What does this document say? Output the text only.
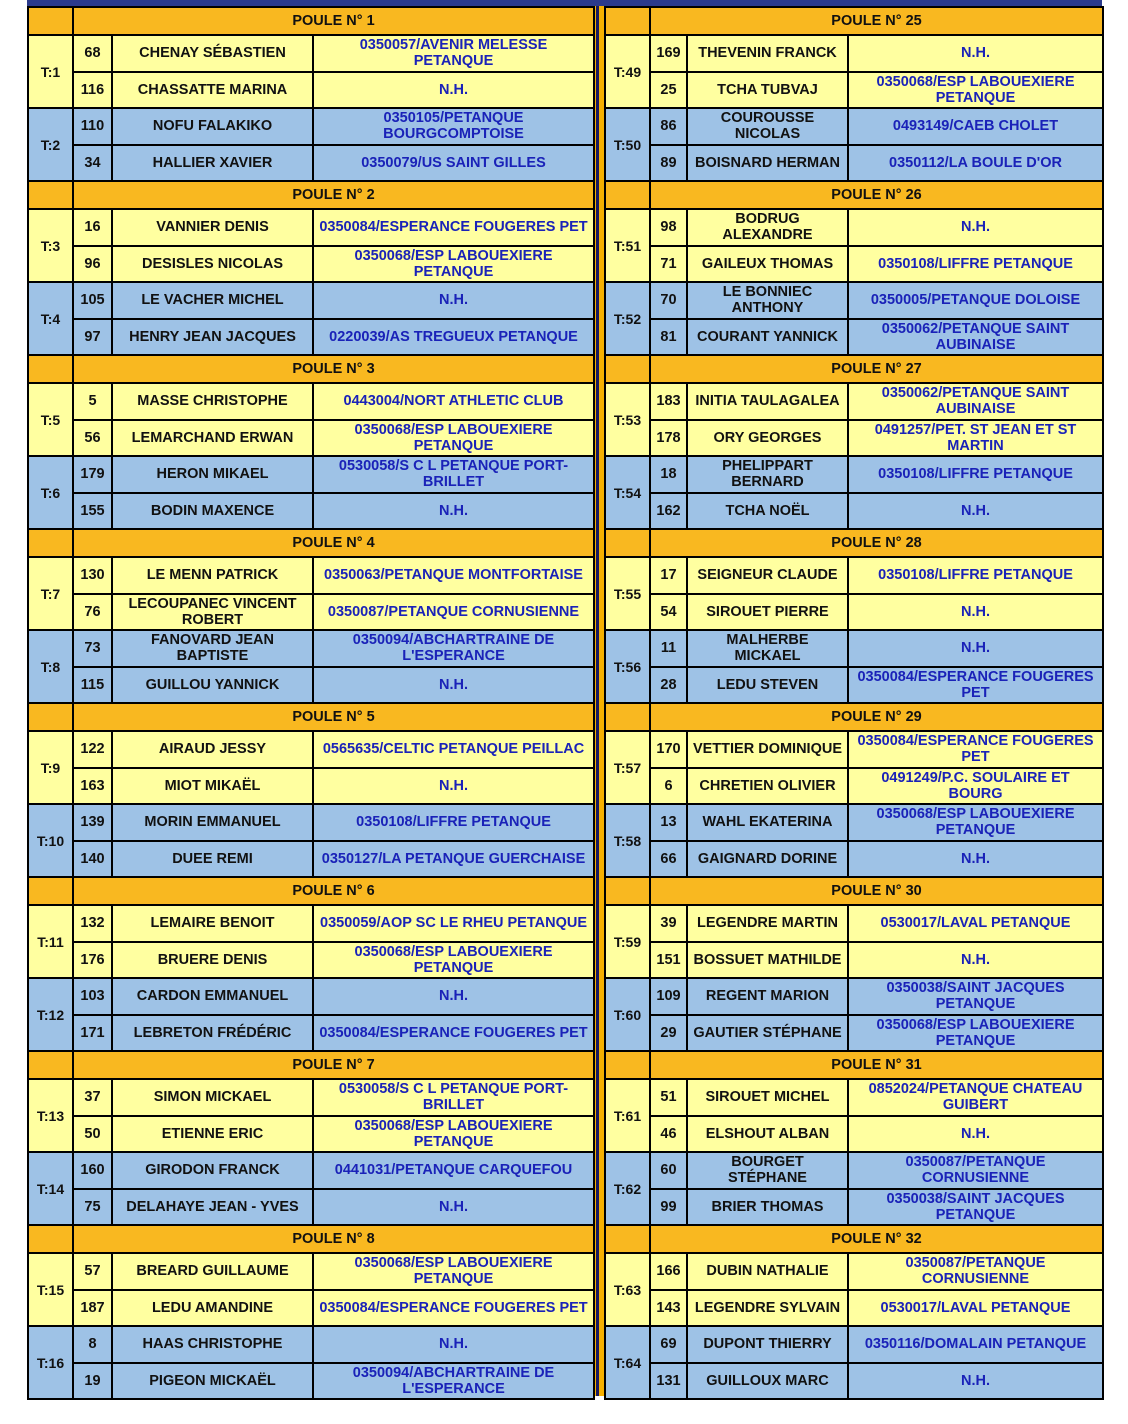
	POULE N° 1		
T:1	68	CHENAY SÉBASTIEN	0350057/AVENIR MELESSE PETANQUE
	116	CHASSATTE MARINA	N.H.
T:2	110	NOFU FALAKIKO	0350105/PETANQUE BOURGCOMPTOISE
	34	HALLIER XAVIER	0350079/US SAINT GILLES
	POULE N° 2		
T:3	16	VANNIER DENIS	0350084/ESPERANCE FOUGERES PET
	96	DESISLES NICOLAS	0350068/ESP LABOUEXIERE PETANQUE
T:4	105	LE VACHER MICHEL	N.H.
	97	HENRY JEAN JACQUES	0220039/AS TREGUEUX PETANQUE
	POULE N° 3		
T:5	5	MASSE CHRISTOPHE	0443004/NORT ATHLETIC CLUB
	56	LEMARCHAND ERWAN	0350068/ESP LABOUEXIERE PETANQUE
T:6	179	HERON MIKAEL	0530058/S C L PETANQUE PORT-BRILLET
	155	BODIN MAXENCE	N.H.
	POULE N° 4		
T:7	130	LE MENN PATRICK	0350063/PETANQUE MONTFORTAISE
	76	LECOUPANEC VINCENT ROBERT	0350087/PETANQUE CORNUSIENNE
T:8	73	FANOVARD JEAN BAPTISTE	0350094/ABCHARTRAINE DE L'ESPERANCE
	115	GUILLOU YANNICK	N.H.
	POULE N° 5		
T:9	122	AIRAUD JESSY	0565635/CELTIC PETANQUE PEILLAC
	163	MIOT MIKAËL	N.H.
T:10	139	MORIN EMMANUEL	0350108/LIFFRE PETANQUE
	140	DUEE REMI	0350127/LA PETANQUE GUERCHAISE
	POULE N° 6		
T:11	132	LEMAIRE BENOIT	0350059/AOP SC LE RHEU PETANQUE
	176	BRUERE DENIS	0350068/ESP LABOUEXIERE PETANQUE
T:12	103	CARDON EMMANUEL	N.H.
	171	LEBRETON FRÉDÉRIC	0350084/ESPERANCE FOUGERES PET
	POULE N° 7		
T:13	37	SIMON MICKAEL	0530058/S C L PETANQUE PORT-BRILLET
	50	ETIENNE ERIC	0350068/ESP LABOUEXIERE PETANQUE
T:14	160	GIRODON FRANCK	0441031/PETANQUE CARQUEFOU
	75	DELAHAYE JEAN - YVES	N.H.
	POULE N° 8		
T:15	57	BREARD GUILLAUME	0350068/ESP LABOUEXIERE PETANQUE
	187	LEDU AMANDINE	0350084/ESPERANCE FOUGERES PET
T:16	8	HAAS CHRISTOPHE	N.H.
	19	PIGEON MICKAËL	0350094/ABCHARTRAINE DE L'ESPERANCE
	POULE N° 25		
T:49	169	THEVENIN FRANCK	N.H.
	25	TCHA TUBVAJ	0350068/ESP LABOUEXIERE PETANQUE
T:50	86	COUROUSSE NICOLAS	0493149/CAEB CHOLET
	89	BOISNARD HERMAN	0350112/LA BOULE D'OR
	POULE N° 26		
T:51	98	BODRUG ALEXANDRE	N.H.
	71	GAILEUX THOMAS	0350108/LIFFRE PETANQUE
T:52	70	LE BONNIEC ANTHONY	0350005/PETANQUE DOLOISE
	81	COURANT YANNICK	0350062/PETANQUE SAINT AUBINAISE
	POULE N° 27		
T:53	183	INITIA TAULAGALEA	0350062/PETANQUE SAINT AUBINAISE
	178	ORY GEORGES	0491257/PET. ST JEAN ET ST MARTIN
T:54	18	PHELIPPART BERNARD	0350108/LIFFRE PETANQUE
	162	TCHA NOËL	N.H.
	POULE N° 28		
T:55	17	SEIGNEUR CLAUDE	0350108/LIFFRE PETANQUE
	54	SIROUET PIERRE	N.H.
T:56	11	MALHERBE MICKAEL	N.H.
	28	LEDU STEVEN	0350084/ESPERANCE FOUGERES PET
	POULE N° 29		
T:57	170	VETTIER DOMINIQUE	0350084/ESPERANCE FOUGERES PET
	6	CHRETIEN OLIVIER	0491249/P.C. SOULAIRE ET BOURG
T:58	13	WAHL EKATERINA	0350068/ESP LABOUEXIERE PETANQUE
	66	GAIGNARD DORINE	N.H.
	POULE N° 30		
T:59	39	LEGENDRE MARTIN	0530017/LAVAL PETANQUE
	151	BOSSUET MATHILDE	N.H.
T:60	109	REGENT MARION	0350038/SAINT JACQUES PETANQUE
	29	GAUTIER STÉPHANE	0350068/ESP LABOUEXIERE PETANQUE
	POULE N° 31		
T:61	51	SIROUET MICHEL	0852024/PETANQUE CHATEAU GUIBERT
	46	ELSHOUT ALBAN	N.H.
T:62	60	BOURGET STÉPHANE	0350087/PETANQUE CORNUSIENNE
	99	BRIER THOMAS	0350038/SAINT JACQUES PETANQUE
	POULE N° 32		
T:63	166	DUBIN NATHALIE	0350087/PETANQUE CORNUSIENNE
	143	LEGENDRE SYLVAIN	0530017/LAVAL PETANQUE
T:64	69	DUPONT THIERRY	0350116/DOMALAIN PETANQUE
	131	GUILLOUX MARC	N.H.
